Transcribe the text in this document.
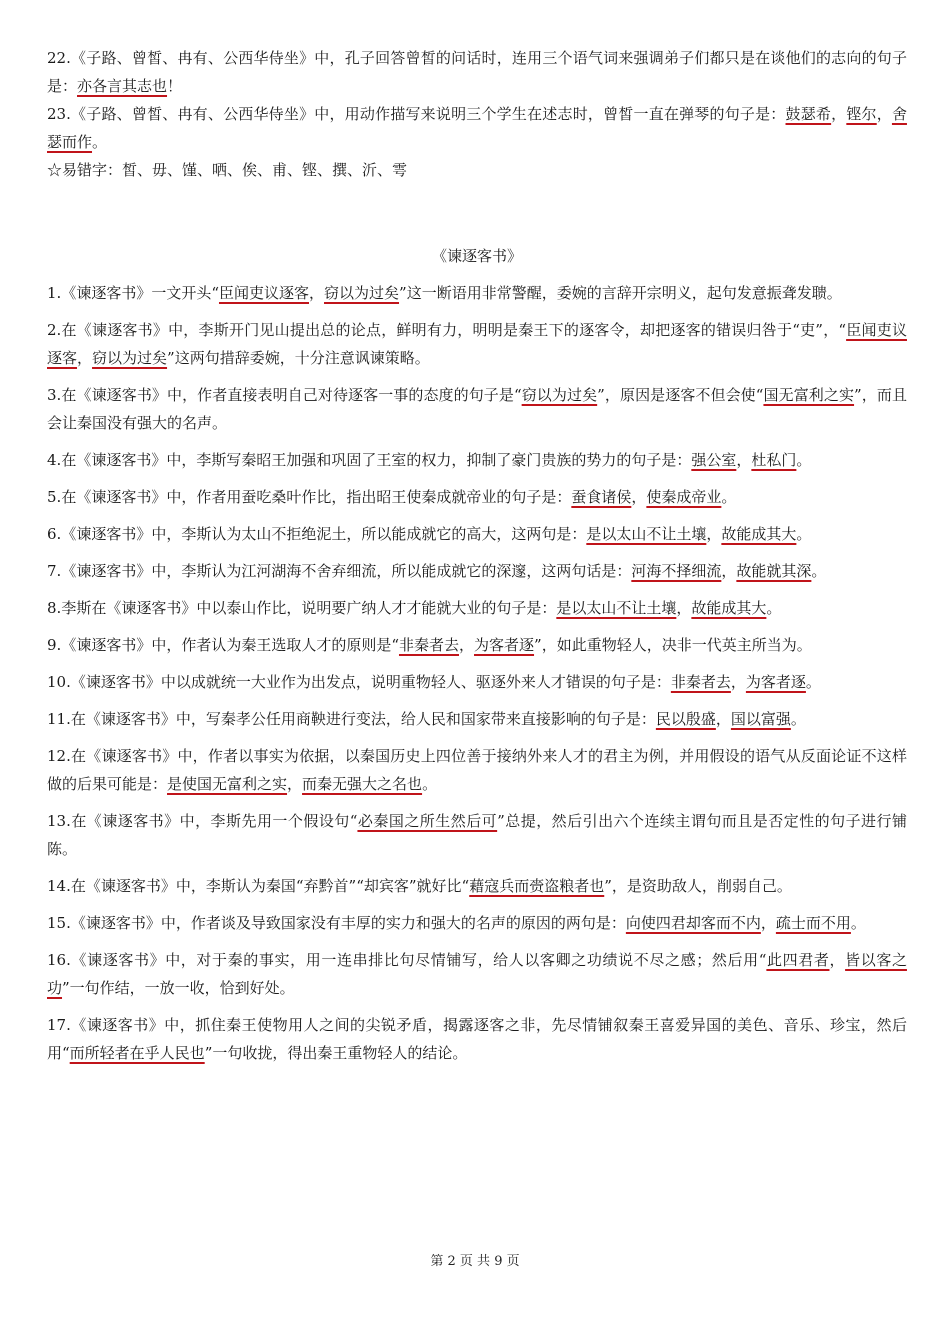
22.《子路、曾皙、冉有、公西华侍坐》中，孔子回答曾皙的问话时，连用三个语气词来强调弟子们都只是在谈他们的志向的句子是：亦各言其志也！

23.《子路、曾皙、冉有、公西华侍坐》中，用动作描写来说明三个学生在述志时，曾皙一直在弹琴的句子是：鼓瑟希，铿尔，舍瑟而作。

☆易错字：皙、毋、馑、哂、俟、甫、铿、撰、沂、雩

《谏逐客书》

1.《谏逐客书》一文开头“臣闻吏议逐客，窃以为过矣”这一断语用非常警醒，委婉的言辞开宗明义，起句发意振聋发聩。

2.在《谏逐客书》中，李斯开门见山提出总的论点，鲜明有力，明明是秦王下的逐客令，却把逐客的错误归咎于“吏”，“臣闻吏议逐客，窃以为过矣”这两句措辞委婉，十分注意讽谏策略。

3.在《谏逐客书》中，作者直接表明自己对待逐客一事的态度的句子是“窃以为过矣”，原因是逐客不但会使“国无富利之实”，而且会让秦国没有强大的名声。

4.在《谏逐客书》中，李斯写秦昭王加强和巩固了王室的权力，抑制了豪门贵族的势力的句子是：强公室，杜私门。

5.在《谏逐客书》中，作者用蚕吃桑叶作比，指出昭王使秦成就帝业的句子是：蚕食诸侯，使秦成帝业。

6.《谏逐客书》中，李斯认为太山不拒绝泥土，所以能成就它的高大，这两句是：是以太山不让土壤，故能成其大。

7.《谏逐客书》中，李斯认为江河湖海不舍弃细流，所以能成就它的深邃，这两句话是：河海不择细流，故能就其深。

8.李斯在《谏逐客书》中以泰山作比，说明要广纳人才才能就大业的句子是：是以太山不让土壤，故能成其大。

9.《谏逐客书》中，作者认为秦王选取人才的原则是“非秦者去，为客者逐”，如此重物轻人，决非一代英主所当为。

10.《谏逐客书》中以成就统一大业作为出发点，说明重物轻人、驱逐外来人才错误的句子是：非秦者去，为客者逐。

11.在《谏逐客书》中，写秦孝公任用商鞅进行变法，给人民和国家带来直接影响的句子是：民以殷盛，国以富强。

12.在《谏逐客书》中，作者以事实为依据，以秦国历史上四位善于接纳外来人才的君主为例，并用假设的语气从反面论证不这样做的后果可能是：是使国无富利之实，而秦无强大之名也。

13.在《谏逐客书》中，李斯先用一个假设句“必秦国之所生然后可”总提，然后引出六个连续主谓句而且是否定性的句子进行铺陈。

14.在《谏逐客书》中，李斯认为秦国“弃黔首”“却宾客”就好比“藉寇兵而赍盗粮者也”，是资助敌人，削弱自己。

15.《谏逐客书》中，作者谈及导致国家没有丰厚的实力和强大的名声的原因的两句是：向使四君却客而不内，疏士而不用。

16.《谏逐客书》中，对于秦的事实，用一连串排比句尽情铺写，给人以客卿之功绩说不尽之感；然后用“此四君者，皆以客之功”一句作结，一放一收，恰到好处。

17.《谏逐客书》中，抓住秦王使物用人之间的尖锐矛盾，揭露逐客之非，先尽情铺叙秦王喜爱异国的美色、音乐、珍宝，然后用“而所轻者在乎人民也”一句收拢，得出秦王重物轻人的结论。

第 2 页 共 9 页
